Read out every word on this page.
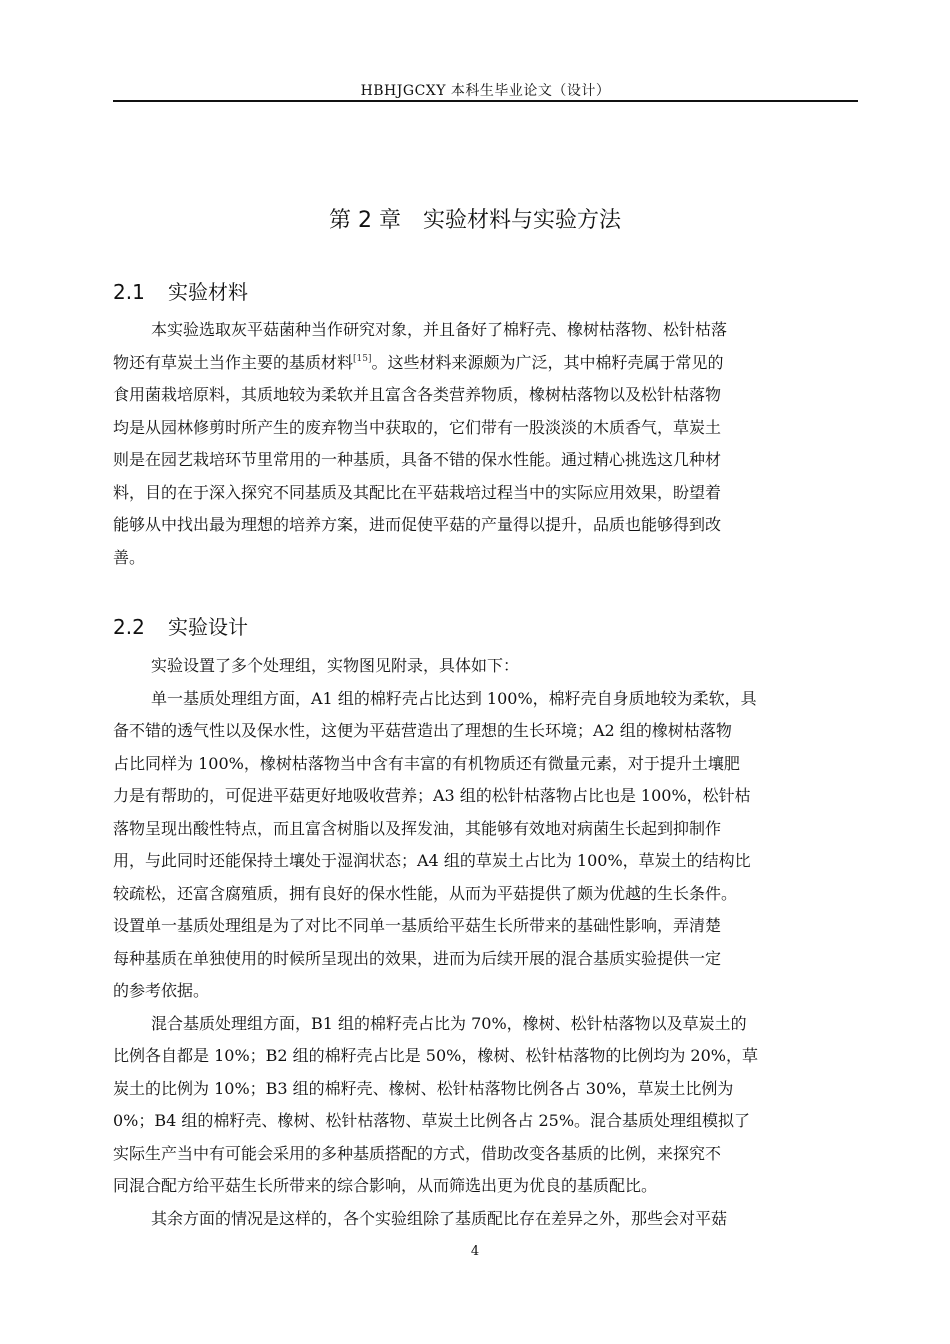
HBHJGCXY 本科生毕业论文（设计）
第 2 章 实验材料与实验方法
2.1 实验材料
本实验选取灰平菇菌种当作研究对象，并且备好了棉籽壳、橡树枯落物、松针枯落
物还有草炭土当作主要的基质材料[15]。这些材料来源颇为广泛，其中棉籽壳属于常见的
食用菌栽培原料，其质地较为柔软并且富含各类营养物质，橡树枯落物以及松针枯落物
均是从园林修剪时所产生的废弃物当中获取的，它们带有一股淡淡的木质香气，草炭土
则是在园艺栽培环节里常用的一种基质，具备不错的保水性能。通过精心挑选这几种材
料，目的在于深入探究不同基质及其配比在平菇栽培过程当中的实际应用效果，盼望着
能够从中找出最为理想的培养方案，进而促使平菇的产量得以提升，品质也能够得到改
善。
2.2 实验设计
实验设置了多个处理组，实物图见附录，具体如下：
单一基质处理组方面，A1 组的棉籽壳占比达到 100%，棉籽壳自身质地较为柔软，具
备不错的透气性以及保水性，这便为平菇营造出了理想的生长环境；A2 组的橡树枯落物
占比同样为 100%，橡树枯落物当中含有丰富的有机物质还有微量元素，对于提升土壤肥
力是有帮助的，可促进平菇更好地吸收营养；A3 组的松针枯落物占比也是 100%，松针枯
落物呈现出酸性特点，而且富含树脂以及挥发油，其能够有效地对病菌生长起到抑制作
用，与此同时还能保持土壤处于湿润状态；A4 组的草炭土占比为 100%，草炭土的结构比
较疏松，还富含腐殖质，拥有良好的保水性能，从而为平菇提供了颇为优越的生长条件。
设置单一基质处理组是为了对比不同单一基质给平菇生长所带来的基础性影响，弄清楚
每种基质在单独使用的时候所呈现出的效果，进而为后续开展的混合基质实验提供一定
的参考依据。
混合基质处理组方面，B1 组的棉籽壳占比为 70%，橡树、松针枯落物以及草炭土的
比例各自都是 10%；B2 组的棉籽壳占比是 50%，橡树、松针枯落物的比例均为 20%，草
炭土的比例为 10%；B3 组的棉籽壳、橡树、松针枯落物比例各占 30%，草炭土比例为
0%；B4 组的棉籽壳、橡树、松针枯落物、草炭土比例各占 25%。混合基质处理组模拟了
实际生产当中有可能会采用的多种基质搭配的方式，借助改变各基质的比例，来探究不
同混合配方给平菇生长所带来的综合影响，从而筛选出更为优良的基质配比。
其余方面的情况是这样的，各个实验组除了基质配比存在差异之外，那些会对平菇
4
